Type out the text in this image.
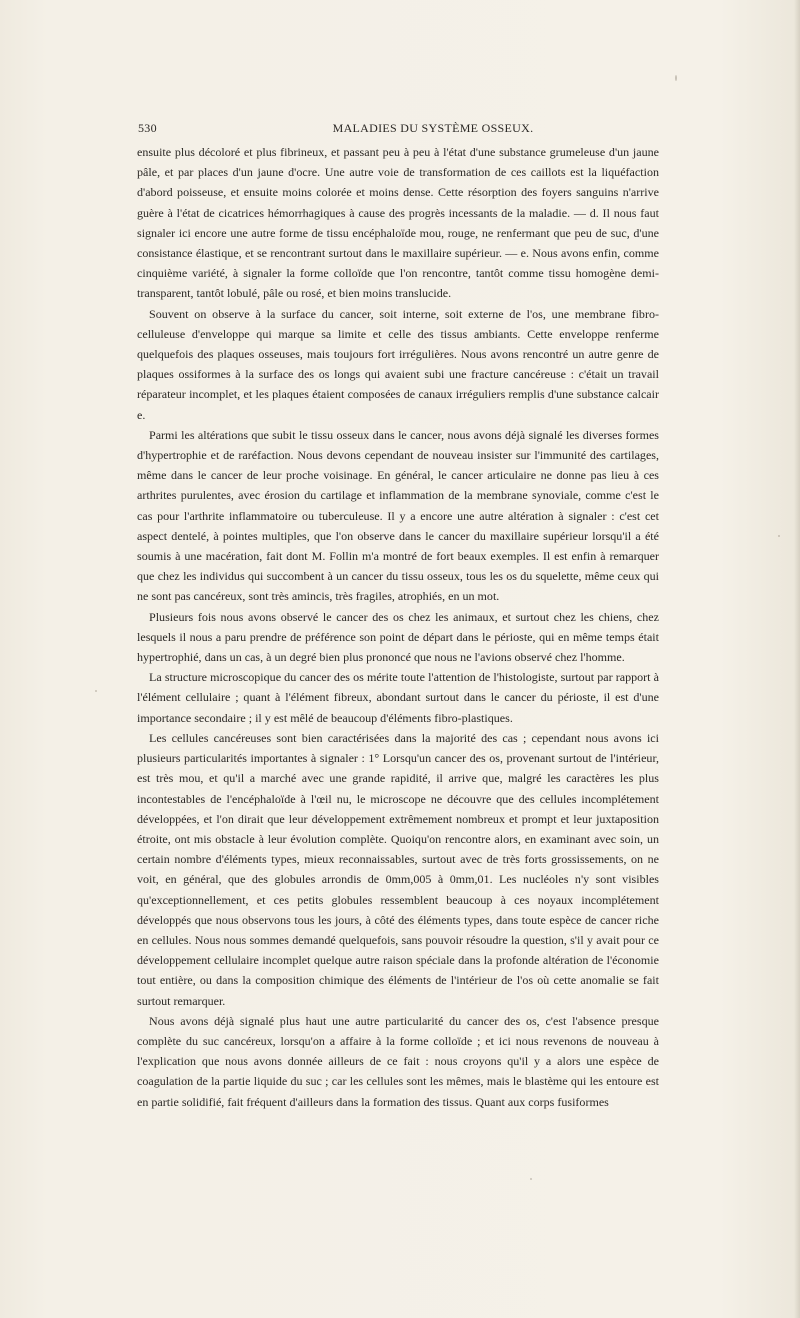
530	MALADIES DU SYSTÈME OSSEUX.

ensuite plus décoloré et plus fibrineux, et passant peu à peu à l'état d'une substance grumeleuse d'un jaune pâle, et par places d'un jaune d'ocre. Une autre voie de transformation de ces caillots est la liquéfaction d'abord poisseuse, et ensuite moins colorée et moins dense. Cette résorption des foyers sanguins n'arrive guère à l'état de cicatrices hémorrhagiques à cause des progrès incessants de la maladie. — d. Il nous faut signaler ici encore une autre forme de tissu encéphaloïde mou, rouge, ne renfermant que peu de suc, d'une consistance élastique, et se rencontrant surtout dans le maxillaire supérieur. — e. Nous avons enfin, comme cinquième variété, à signaler la forme colloïde que l'on rencontre, tantôt comme tissu homogène demi-transparent, tantôt lobulé, pâle ou rosé, et bien moins translucide.

Souvent on observe à la surface du cancer, soit interne, soit externe de l'os, une membrane fibro-celluleuse d'enveloppe qui marque sa limite et celle des tissus ambiants. Cette enveloppe renferme quelquefois des plaques osseuses, mais toujours fort irrégulières. Nous avons rencontré un autre genre de plaques ossiformes à la surface des os longs qui avaient subi une fracture cancéreuse : c'était un travail réparateur incomplet, et les plaques étaient composées de canaux irréguliers remplis d'une substance calcair e.

Parmi les altérations que subit le tissu osseux dans le cancer, nous avons déjà signalé les diverses formes d'hypertrophie et de raréfaction. Nous devons cependant de nouveau insister sur l'immunité des cartilages, même dans le cancer de leur proche voisinage. En général, le cancer articulaire ne donne pas lieu à ces arthrites purulentes, avec érosion du cartilage et inflammation de la membrane synoviale, comme c'est le cas pour l'arthrite inflammatoire ou tuberculeuse. Il y a encore une autre altération à signaler : c'est cet aspect dentelé, à pointes multiples, que l'on observe dans le cancer du maxillaire supérieur lorsqu'il a été soumis à une macération, fait dont M. Follin m'a montré de fort beaux exemples. Il est enfin à remarquer que chez les individus qui succombent à un cancer du tissu osseux, tous les os du squelette, même ceux qui ne sont pas cancéreux, sont très amincis, très fragiles, atrophiés, en un mot.

Plusieurs fois nous avons observé le cancer des os chez les animaux, et surtout chez les chiens, chez lesquels il nous a paru prendre de préférence son point de départ dans le périoste, qui en même temps était hypertrophié, dans un cas, à un degré bien plus prononcé que nous ne l'avions observé chez l'homme.

La structure microscopique du cancer des os mérite toute l'attention de l'histologiste, surtout par rapport à l'élément cellulaire ; quant à l'élément fibreux, abondant surtout dans le cancer du périoste, il est d'une importance secondaire ; il y est mêlé de beaucoup d'éléments fibro-plastiques.

Les cellules cancéreuses sont bien caractérisées dans la majorité des cas ; cependant nous avons ici plusieurs particularités importantes à signaler : 1° Lorsqu'un cancer des os, provenant surtout de l'intérieur, est très mou, et qu'il a marché avec une grande rapidité, il arrive que, malgré les caractères les plus incontestables de l'encéphaloïde à l'œil nu, le microscope ne découvre que des cellules incomplétement développées, et l'on dirait que leur développement extrêmement nombreux et prompt et leur juxtaposition étroite, ont mis obstacle à leur évolution complète. Quoiqu'on rencontre alors, en examinant avec soin, un certain nombre d'éléments types, mieux reconnaissables, surtout avec de très forts grossissements, on ne voit, en général, que des globules arrondis de 0mm,005 à 0mm,01. Les nucléoles n'y sont visibles qu'exceptionnellement, et ces petits globules ressemblent beaucoup à ces noyaux incomplétement développés que nous observons tous les jours, à côté des éléments types, dans toute espèce de cancer riche en cellules. Nous nous sommes demandé quelquefois, sans pouvoir résoudre la question, s'il y avait pour ce développement cellulaire incomplet quelque autre raison spéciale dans la profonde altération de l'économie tout entière, ou dans la composition chimique des éléments de l'intérieur de l'os où cette anomalie se fait surtout remarquer.

Nous avons déjà signalé plus haut une autre particularité du cancer des os, c'est l'absence presque complète du suc cancéreux, lorsqu'on a affaire à la forme colloïde ; et ici nous revenons de nouveau à l'explication que nous avons donnée ailleurs de ce fait : nous croyons qu'il y a alors une espèce de coagulation de la partie liquide du suc ; car les cellules sont les mêmes, mais le blastème qui les entoure est en partie solidifié, fait fréquent d'ailleurs dans la formation des tissus. Quant aux corps fusiformes
